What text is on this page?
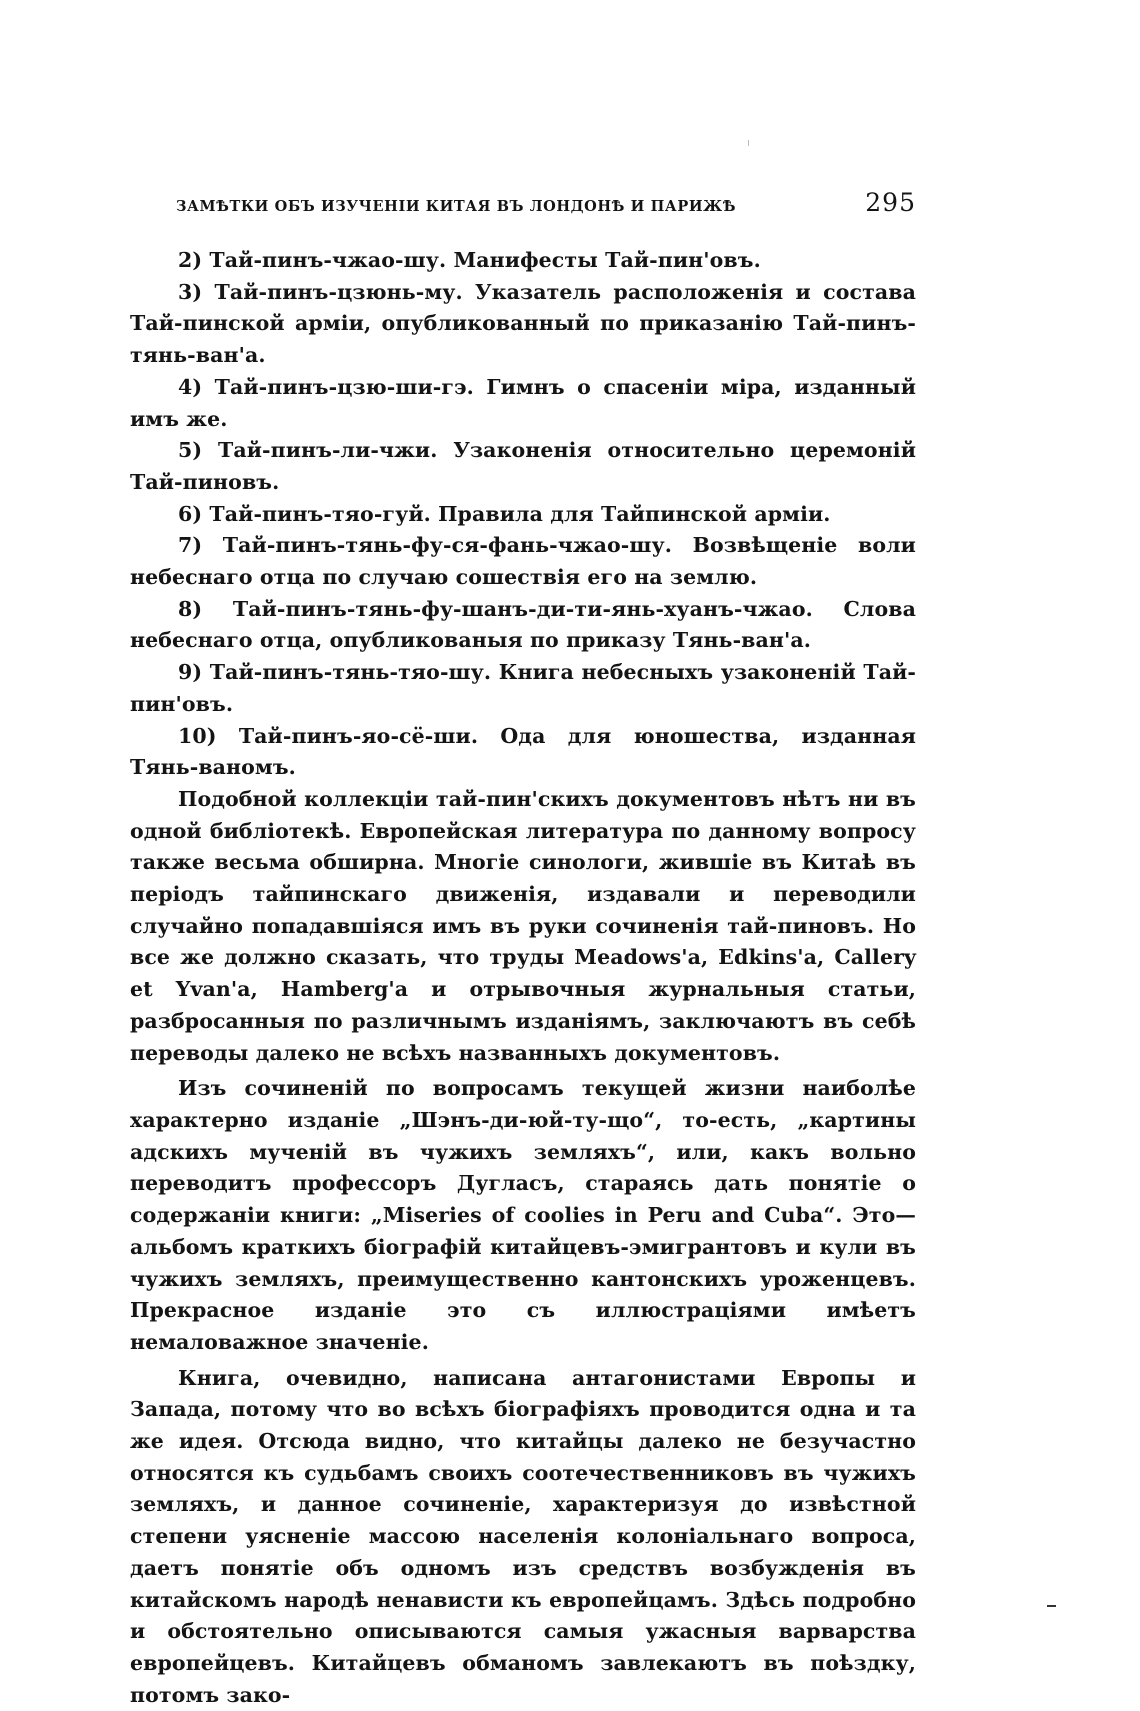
ЗАМѢТКИ ОБЪ ИЗУЧЕНІИ КИТАЯ ВЪ ЛОНДОНѢ И ПАРИЖѢ	295

2) Тай-пинъ-чжао-шу. Манифесты Тай-пин'овъ.

3) Тай-пинъ-цзюнь-му. Указатель расположенія и состава Тай-пинской арміи, опубликованный по приказанію Тай-пинъ-тянь-ван'а.

4) Тай-пинъ-цзю-ши-гэ. Гимнъ о спасеніи міра, изданный имъ же.

5) Тай-пинъ-ли-чжи. Узаконенія относительно церемоній Тай-пиновъ.

6) Тай-пинъ-тяо-гуй. Правила для Тайпинской арміи.

7) Тай-пинъ-тянь-фу-ся-фань-чжао-шу. Возвѣщеніе воли небеснаго отца по случаю сошествія его на землю.

8) Тай-пинъ-тянь-фу-шанъ-ди-ти-янь-хуанъ-чжао. Слова небеснаго отца, опубликованыя по приказу Тянь-ван'а.

9) Тай-пинъ-тянь-тяо-шу. Книга небесныхъ узаконеній Тай-пин'овъ.

10) Тай-пинъ-яо-сё-ши. Ода для юношества, изданная Тянь-ваномъ.

Подобной коллекціи тай-пин'скихъ документовъ нѣтъ ни въ одной библіотекѣ. Европейская литература по данному вопросу также весьма обширна. Многіе синологи, жившіе въ Китаѣ въ періодъ тайпинскаго движенія, издавали и переводили случайно попадавшіяся имъ въ руки сочиненія тай-пиновъ. Но все же должно сказать, что труды Meadows'а, Edkins'а, Callery et Yvan'а, Hamberg'а и отрывочныя журнальныя статьи, разбросанныя по различнымъ изданіямъ, заключаютъ въ себѣ переводы далеко не всѣхъ названныхъ документовъ.

Изъ сочиненій по вопросамъ текущей жизни наиболѣе характерно изданіе „Шэнъ-ди-юй-ту-що“, то-есть, „картины адскихъ мученій въ чужихъ земляхъ“, или, какъ вольно переводитъ профессоръ Дугласъ, стараясь дать понятіе о содержаніи книги: „Miseries of coolies in Peru and Cuba“. Это—альбомъ краткихъ біографій китайцевъ-эмигрантовъ и кули въ чужихъ земляхъ, преимущественно кантонскихъ уроженцевъ. Прекрасное изданіе это съ иллюстраціями имѣетъ немаловажное значеніе.

Книга, очевидно, написана антагонистами Европы и Запада, потому что во всѣхъ біографіяхъ проводится одна и та же идея. Отсюда видно, что китайцы далеко не безучастно относятся къ судьбамъ своихъ соотечественниковъ въ чужихъ земляхъ, и данное сочиненіе, характеризуя до извѣстной степени уясненіе массою населенія колоніальнаго вопроса, даетъ понятіе объ одномъ изъ средствъ возбужденія въ китайскомъ народѣ ненависти къ европейцамъ. Здѣсь подробно и обстоятельно описываются самыя ужасныя варварства европейцевъ. Китайцевъ обманомъ завлекаютъ въ поѣздку, потомъ зако-
